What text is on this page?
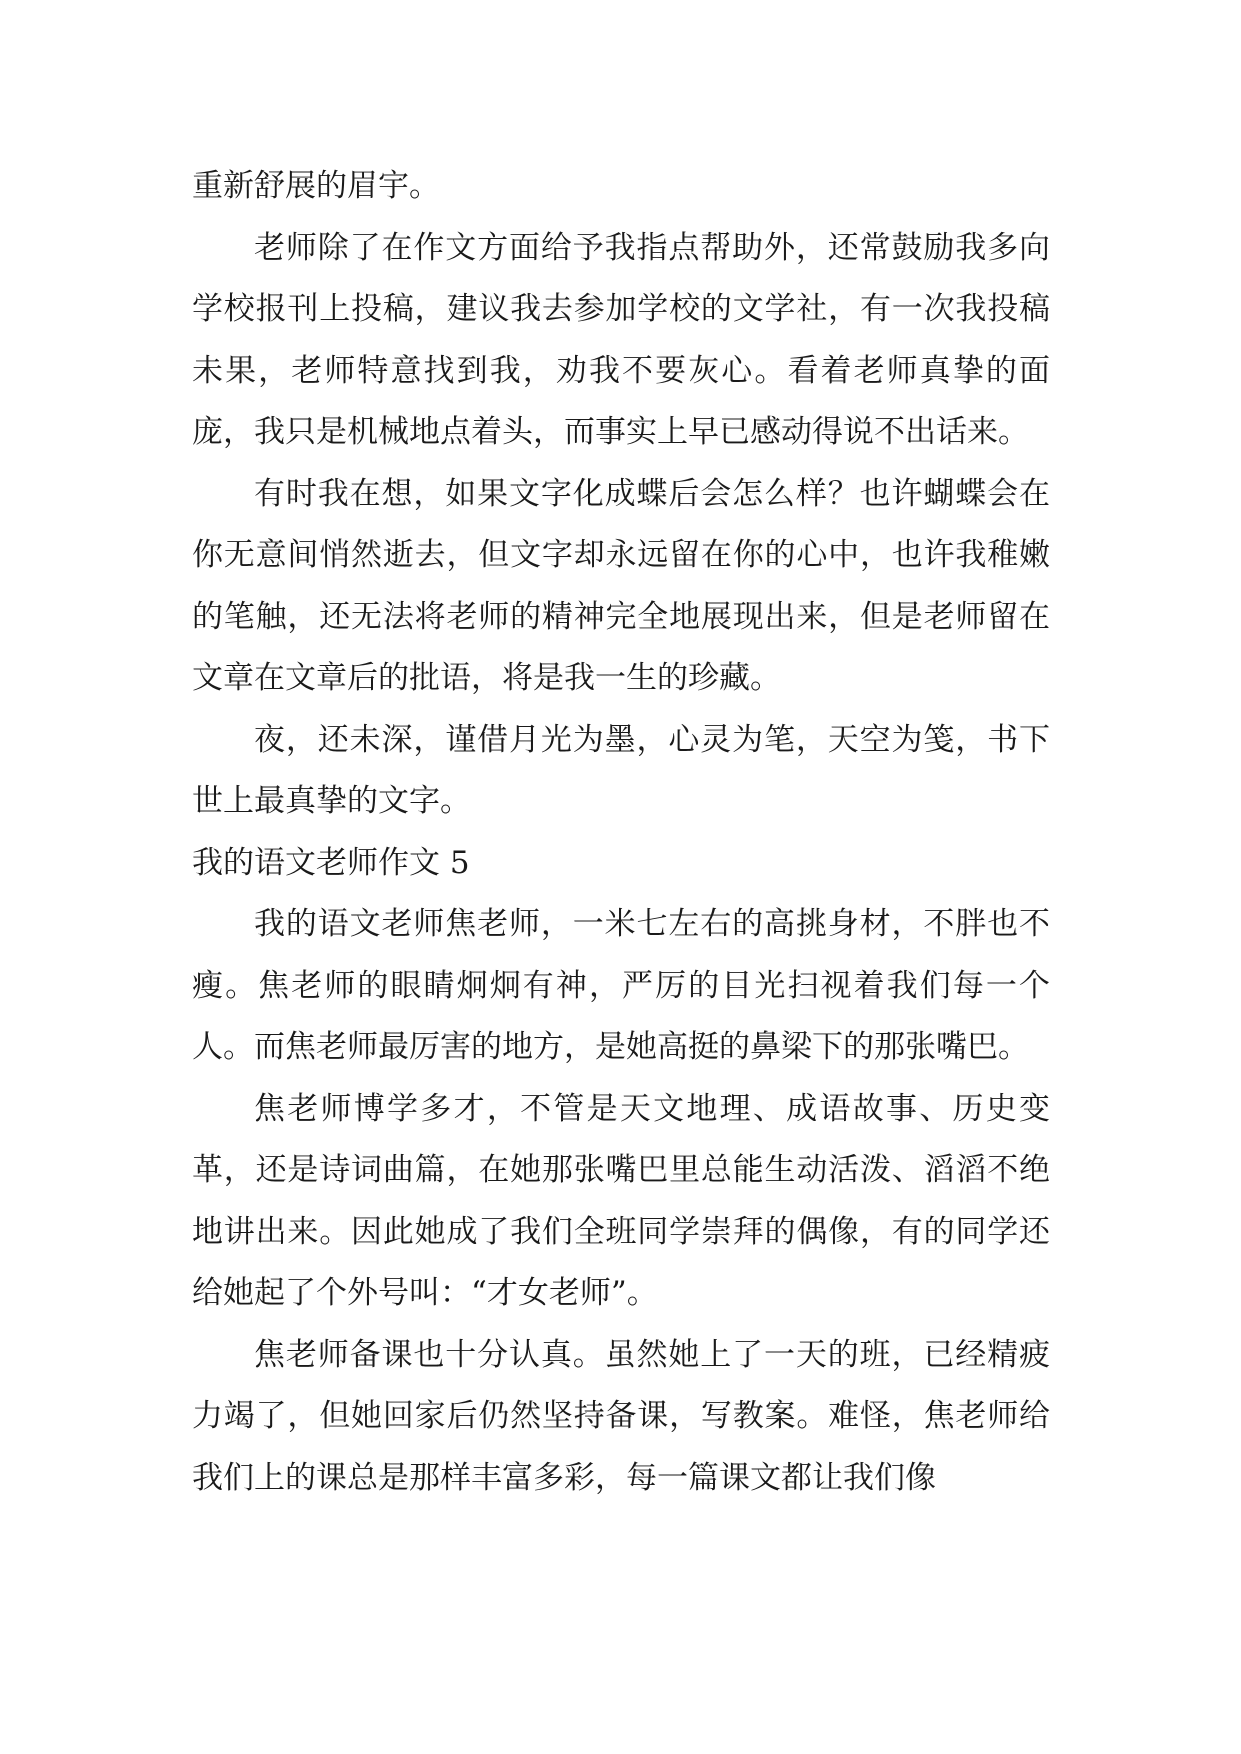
重新舒展的眉宇。

老师除了在作文方面给予我指点帮助外，还常鼓励我多向学校报刊上投稿，建议我去参加学校的文学社，有一次我投稿未果，老师特意找到我，劝我不要灰心。看着老师真挚的面庞，我只是机械地点着头，而事实上早已感动得说不出话来。

有时我在想，如果文字化成蝶后会怎么样？也许蝴蝶会在你无意间悄然逝去，但文字却永远留在你的心中，也许我稚嫩的笔触，还无法将老师的精神完全地展现出来，但是老师留在文章在文章后的批语，将是我一生的珍藏。

夜，还未深，谨借月光为墨，心灵为笔，天空为笺，书下世上最真挚的文字。

我的语文老师作文 5

我的语文老师焦老师，一米七左右的高挑身材，不胖也不瘦。焦老师的眼睛炯炯有神，严厉的目光扫视着我们每一个人。而焦老师最厉害的地方，是她高挺的鼻梁下的那张嘴巴。

焦老师博学多才，不管是天文地理、成语故事、历史变革，还是诗词曲篇，在她那张嘴巴里总能生动活泼、滔滔不绝地讲出来。因此她成了我们全班同学崇拜的偶像，有的同学还给她起了个外号叫：“才女老师”。

焦老师备课也十分认真。虽然她上了一天的班，已经精疲力竭了，但她回家后仍然坚持备课，写教案。难怪，焦老师给我们上的课总是那样丰富多彩，每一篇课文都让我们像
